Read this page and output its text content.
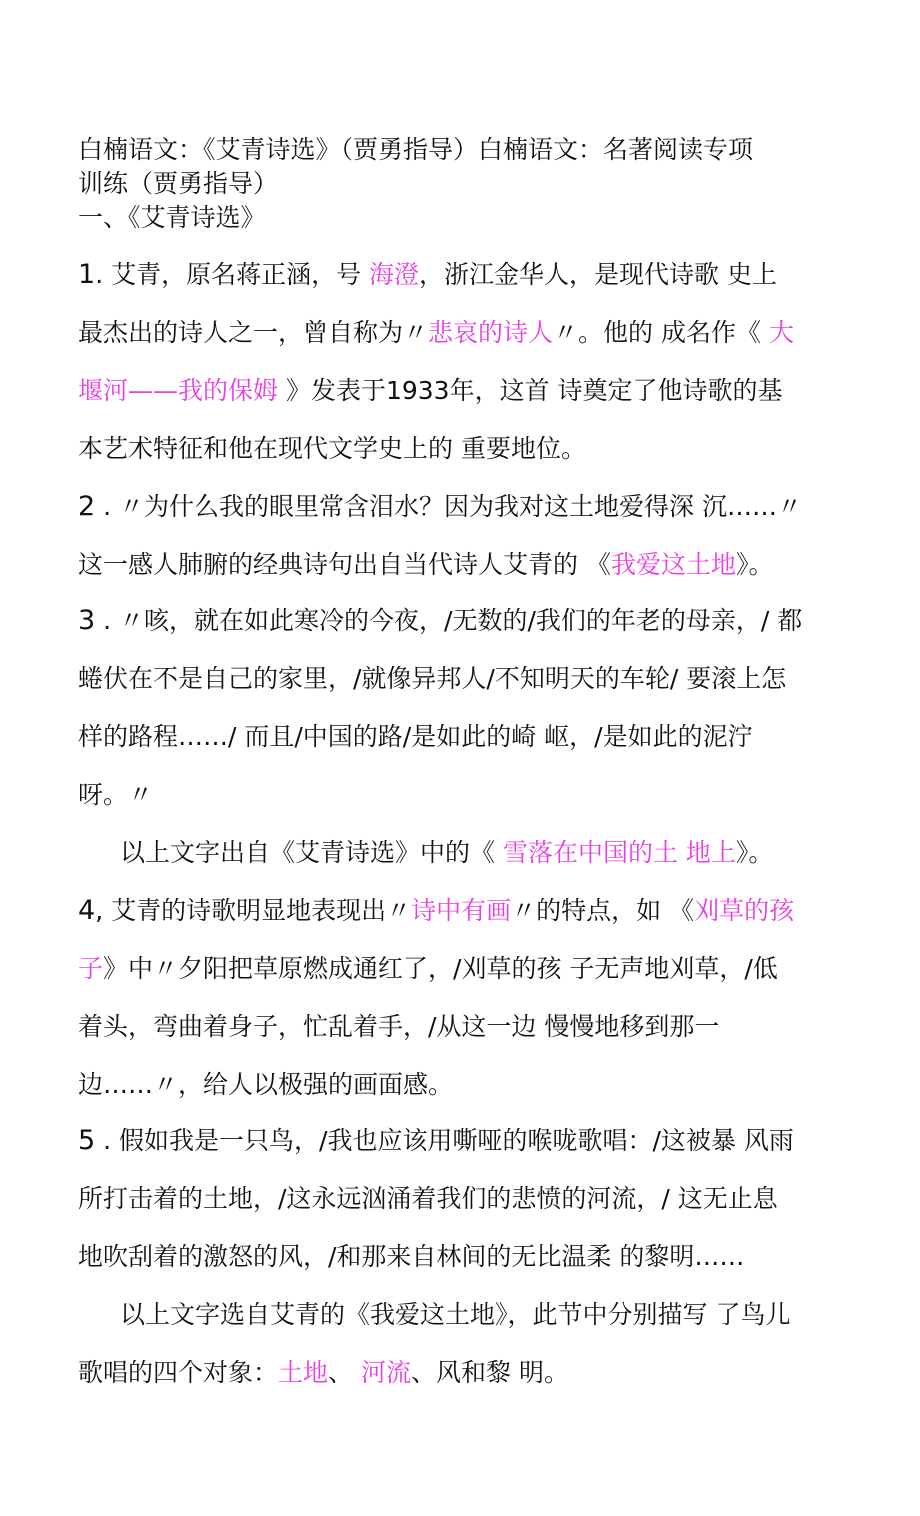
白楠语文：《艾青诗选》（贾勇指导）白楠语文：名著阅读专项
训练（贾勇指导）
一、《艾青诗选》
1. 艾青，原名蒋正涵，号 海澄，浙江金华人，是现代诗歌 史上
最杰出的诗人之一，曾自称为〃悲哀的诗人〃。他的 成名作《 大
堰河——我的保姆 》发表于1933年，这首 诗奠定了他诗歌的基
本艺术特征和他在现代文学史上的 重要地位。
2 . 〃为什么我的眼里常含泪水？因为我对这土地爱得深 沉……〃
这一感人肺腑的经典诗句出自当代诗人艾青的 《我爱这土地》。
3 . 〃咳，就在如此寒冷的今夜，/无数的/我们的年老的母亲，/ 都
蜷伏在不是自己的家里，/就像异邦人/不知明天的车轮/ 要滚上怎
样的路程……/ 而且/中国的路/是如此的崎 岖，/是如此的泥泞
呀。〃
以上文字出自《艾青诗选》中的《 雪落在中国的土 地上》。
4, 艾青的诗歌明显地表现出〃诗中有画〃的特点，如 《刈草的孩
子》中〃夕阳把草原燃成通红了，/刈草的孩 子无声地刈草，/低
着头，弯曲着身子，忙乱着手，/从这一边 慢慢地移到那一
边……〃，给人以极强的画面感。
5 . 假如我是一只鸟，/我也应该用嘶哑的喉咙歌唱：/这被暴 风雨
所打击着的土地，/这永远汹涌着我们的悲愤的河流，/ 这无止息
地吹刮着的激怒的风，/和那来自林间的无比温柔 的黎明……
以上文字选自艾青的《我爱这土地》，此节中分别描写 了鸟儿
歌唱的四个对象：土地、 河流、风和黎 明。
